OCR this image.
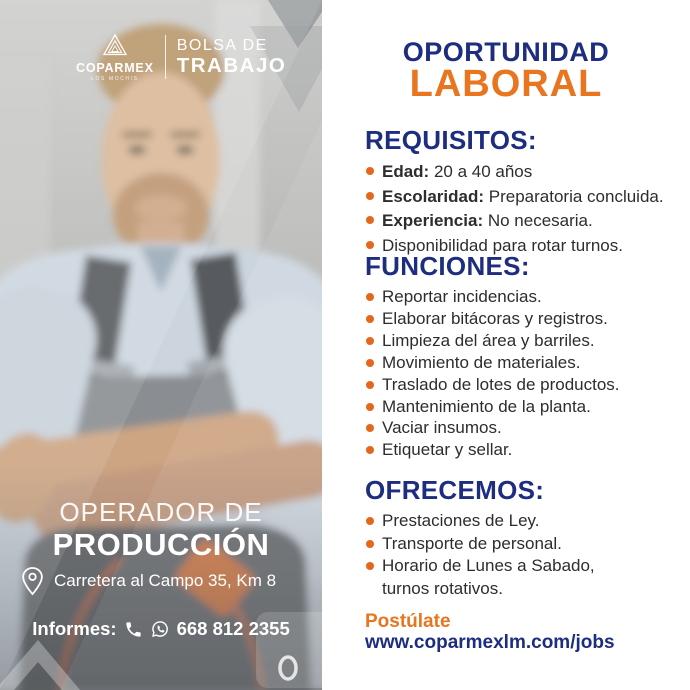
COPARMEX
LOS MOCHIS
BOLSA DE
TRABAJO
OPERADOR DE
PRODUCCIÓN
Carretera al Campo 35, Km 8
Informes:	668 812 2355
OPORTUNIDAD
LABORAL
REQUISITOS:
Edad: 20 a 40 años
Escolaridad: Preparatoria concluida.
Experiencia: No necesaria.
Disponibilidad para rotar turnos.
FUNCIONES:
Reportar incidencias.
Elaborar bitácoras y registros.
Limpieza del área y barriles.
Movimiento de materiales.
Traslado de lotes de productos.
Mantenimiento de la planta.
Vaciar insumos.
Etiquetar y sellar.
OFRECEMOS:
Prestaciones de Ley.
Transporte de personal.
Horario de Lunes a Sabado,
turnos rotativos.
Postúlate
www.coparmexlm.com/jobs
